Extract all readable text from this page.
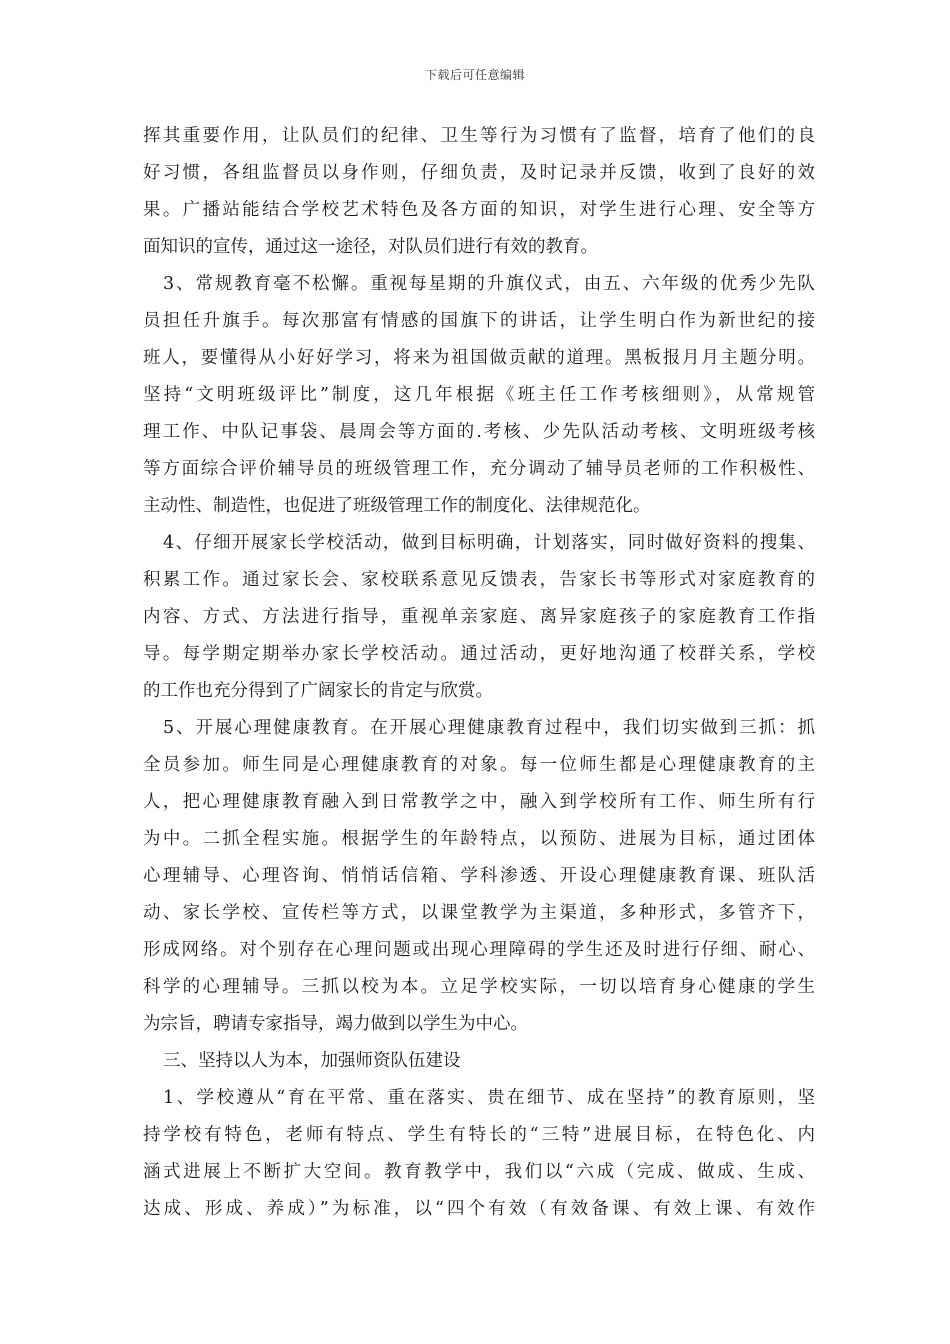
下载后可任意编辑
挥其重要作用，让队员们的纪律、卫生等行为习惯有了监督，培育了他们的良
好习惯，各组监督员以身作则，仔细负责，及时记录并反馈，收到了良好的效
果。广播站能结合学校艺术特色及各方面的知识，对学生进行心理、安全等方
面知识的宣传，通过这一途径，对队员们进行有效的教育。
3、常规教育毫不松懈。重视每星期的升旗仪式，由五、六年级的优秀少先队
员担任升旗手。每次那富有情感的国旗下的讲话，让学生明白作为新世纪的接
班人，要懂得从小好好学习，将来为祖国做贡献的道理。黑板报月月主题分明。
坚持“文明班级评比”制度，这几年根据《班主任工作考核细则》，从常规管
理工作、中队记事袋、晨周会等方面的.考核、少先队活动考核、文明班级考核
等方面综合评价辅导员的班级管理工作，充分调动了辅导员老师的工作积极性、
主动性、制造性，也促进了班级管理工作的制度化、法律规范化。
4、仔细开展家长学校活动，做到目标明确，计划落实，同时做好资料的搜集、
积累工作。通过家长会、家校联系意见反馈表，告家长书等形式对家庭教育的
内容、方式、方法进行指导，重视单亲家庭、离异家庭孩子的家庭教育工作指
导。每学期定期举办家长学校活动。通过活动，更好地沟通了校群关系，学校
的工作也充分得到了广阔家长的肯定与欣赏。
5、开展心理健康教育。在开展心理健康教育过程中，我们切实做到三抓：抓
全员参加。师生同是心理健康教育的对象。每一位师生都是心理健康教育的主
人，把心理健康教育融入到日常教学之中，融入到学校所有工作、师生所有行
为中。二抓全程实施。根据学生的年龄特点，以预防、进展为目标，通过团体
心理辅导、心理咨询、悄悄话信箱、学科渗透、开设心理健康教育课、班队活
动、家长学校、宣传栏等方式，以课堂教学为主渠道，多种形式，多管齐下，
形成网络。对个别存在心理问题或出现心理障碍的学生还及时进行仔细、耐心、
科学的心理辅导。三抓以校为本。立足学校实际，一切以培育身心健康的学生
为宗旨，聘请专家指导，竭力做到以学生为中心。
三、坚持以人为本，加强师资队伍建设
1、学校遵从“育在平常、重在落实、贵在细节、成在坚持”的教育原则，坚
持学校有特色，老师有特点、学生有特长的“三特”进展目标，在特色化、内
涵式进展上不断扩大空间。教育教学中，我们以“六成（完成、做成、生成、
达成、形成、养成）”为标准，以“四个有效（有效备课、有效上课、有效作
